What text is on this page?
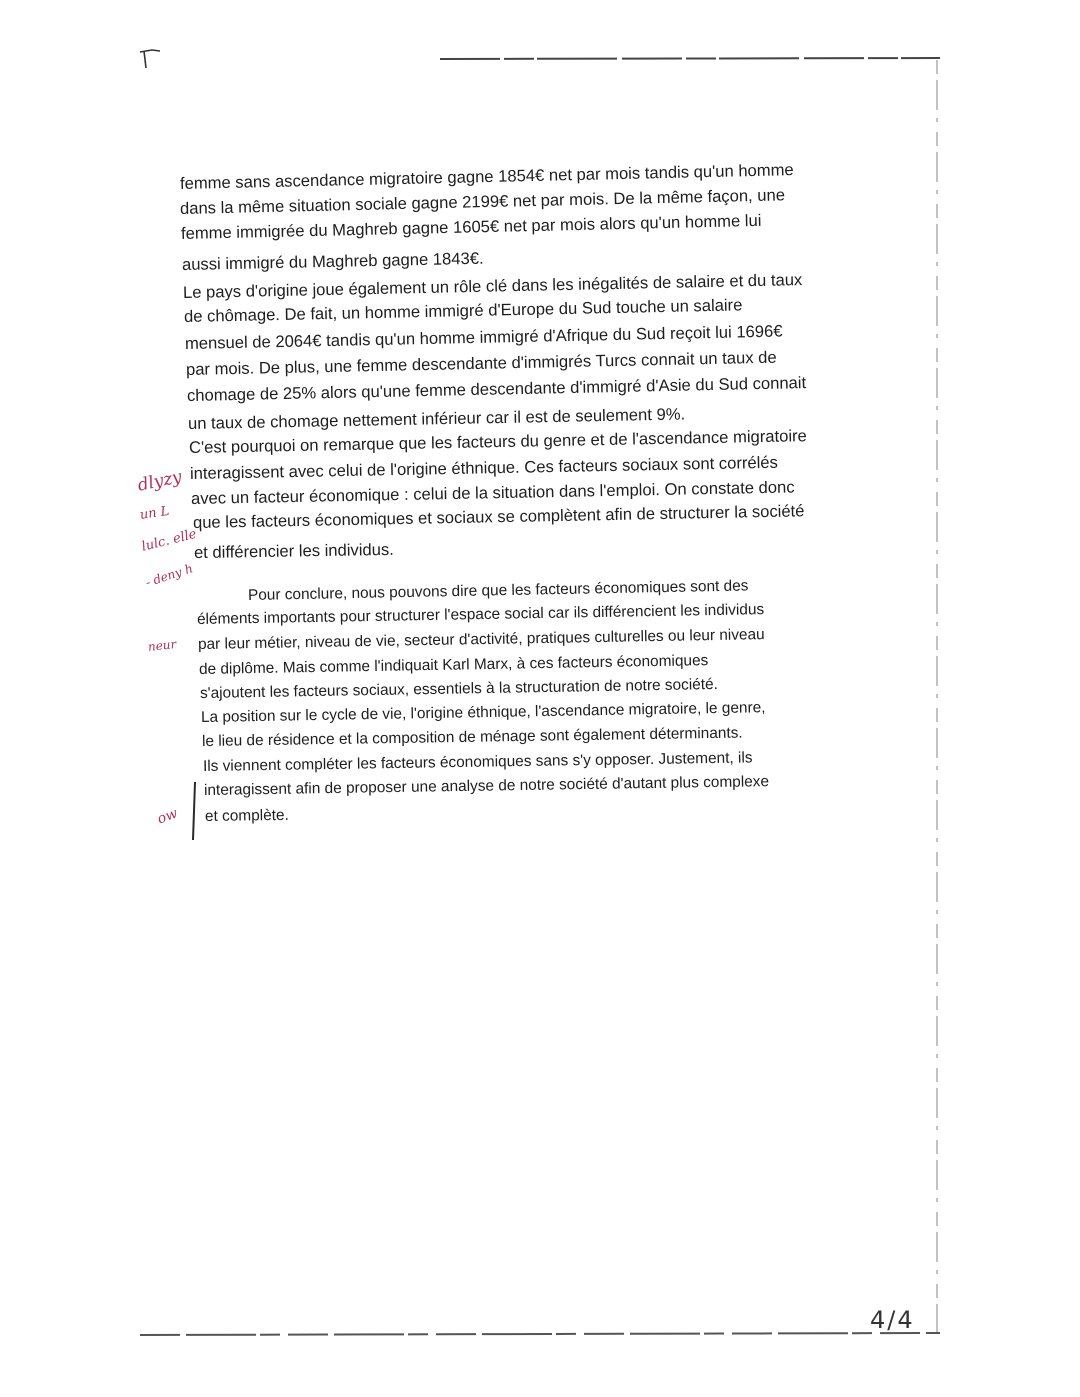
femme sans ascendance migratoire gagne 1854€ net par mois tandis qu'un homme
dans la même situation sociale gagne 2199€ net par mois. De la même façon, une
femme immigrée du Maghreb gagne 1605€ net par mois alors qu'un homme lui
aussi immigré du Maghreb gagne 1843€.
Le pays d'origine joue également un rôle clé dans les inégalités de salaire et du taux
de chômage. De fait, un homme immigré d'Europe du Sud touche un salaire
mensuel de 2064€ tandis qu'un homme immigré d'Afrique du Sud reçoit lui 1696€
par mois. De plus, une femme descendante d'immigrés Turcs connait un taux de
chomage de 25% alors qu'une femme descendante d'immigré d'Asie du Sud connait
un taux de chomage nettement inférieur car il est de seulement 9%.
C'est pourquoi on remarque que les facteurs du genre et de l'ascendance migratoire
interagissent avec celui de l'origine éthnique. Ces facteurs sociaux sont corrélés
avec un facteur économique : celui de la situation dans l'emploi. On constate donc
que les facteurs économiques et sociaux se complètent afin de structurer la société
et différencier les individus.
Pour conclure, nous pouvons dire que les facteurs économiques sont des
éléments importants pour structurer l'espace social car ils différencient les individus
par leur métier, niveau de vie, secteur d'activité, pratiques culturelles ou leur niveau
de diplôme. Mais comme l'indiquait Karl Marx, à ces facteurs économiques
s'ajoutent les facteurs sociaux, essentiels à la structuration de notre société.
La position sur le cycle de vie, l'origine éthnique, l'ascendance migratoire, le genre,
le lieu de résidence et la composition de ménage sont également déterminants.
Ils viennent compléter les facteurs économiques sans s'y opposer. Justement, ils
interagissent afin de proposer une analyse de notre société d'autant plus complexe
et complète.
dlyzy
un L
lulc. elle
- deny h
neur
ow
4/4
